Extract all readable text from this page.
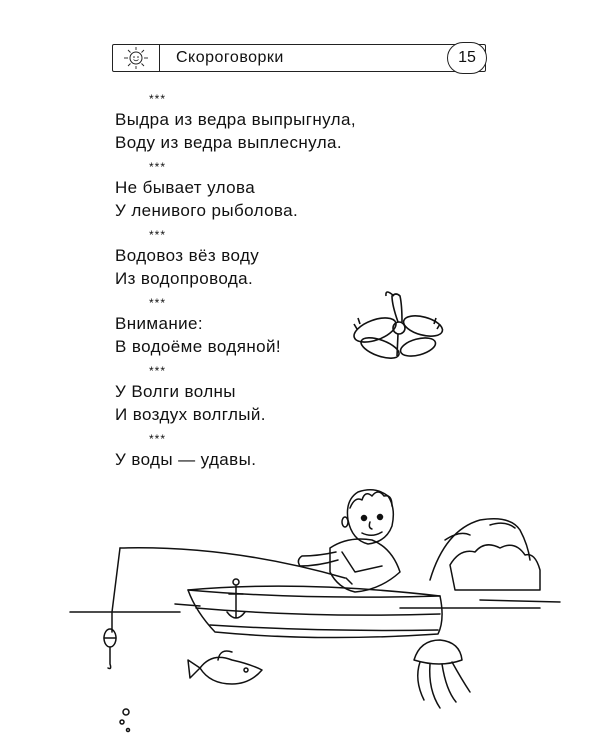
Скороговорки	15
***
Выдра из ведра выпрыгнула,
Воду из ведра выплеснула.
***
Не бывает улова
У ленивого рыболова.
***
Водовоз вёз воду
Из водопровода.
***
Внимание:
В водоёме водяной!
***
У Волги волны
И воздух волглый.
***
У воды — удавы.
